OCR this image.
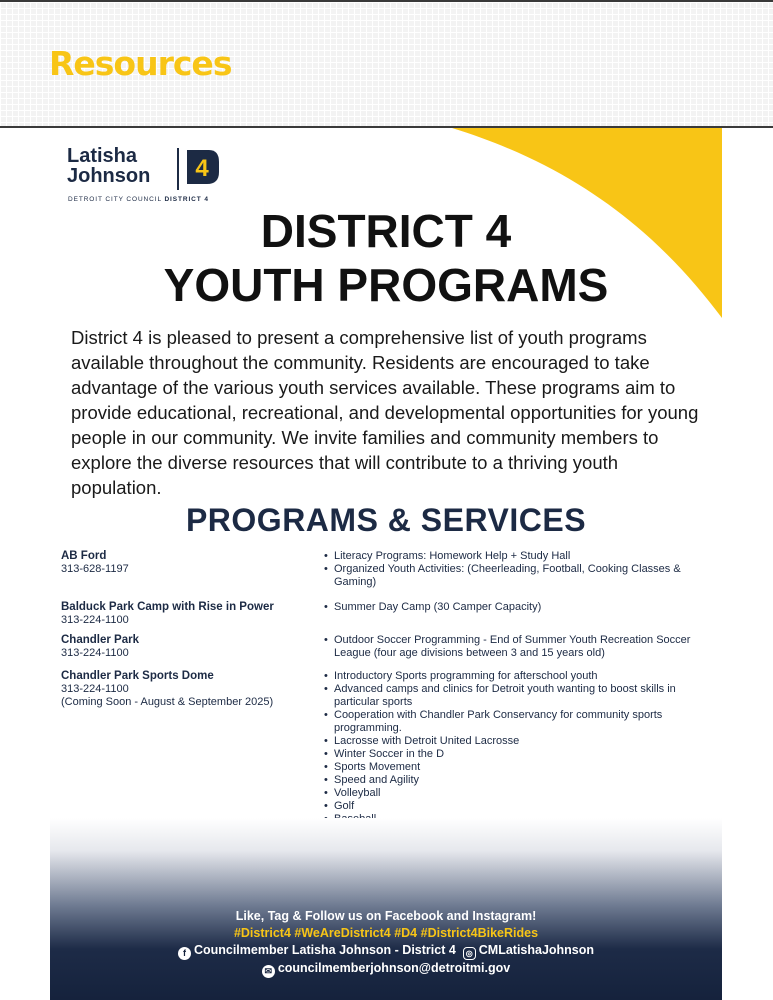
Resources
Latisha
Johnson	4
DETROIT CITY COUNCIL DISTRICT 4
DISTRICT 4
YOUTH PROGRAMS
District 4 is pleased to present a comprehensive list of youth programs available throughout the community. Residents are encouraged to take advantage of the various youth services available. These programs aim to provide educational, recreational, and developmental opportunities for young people in our community. We invite families and community members to explore the diverse resources that will contribute to a thriving youth population.
PROGRAMS & SERVICES
AB Ford
313-628-1197
• Literacy Programs: Homework Help + Study Hall
• Organized Youth Activities: (Cheerleading, Football, Cooking Classes & Gaming)
Balduck Park Camp with Rise in Power
313-224-1100
• Summer Day Camp (30 Camper Capacity)
Chandler Park
313-224-1100
• Outdoor Soccer Programming - End of Summer Youth Recreation Soccer League (four age divisions between 3 and 15 years old)
Chandler Park Sports Dome
313-224-1100
(Coming Soon - August & September 2025)
• Introductory Sports programming for afterschool youth
• Advanced camps and clinics for Detroit youth wanting to boost skills in particular sports
• Cooperation with Chandler Park Conservancy for community sports programming.
• Lacrosse with Detroit United Lacrosse
• Winter Soccer in the D
• Sports Movement
• Speed and Agility
• Volleyball
• Golf
•
•
Like, Tag & Follow us on Facebook and Instagram!
#District4 #WeAreDistrict4 #D4 #District4BikeRides
f Councilmember Latisha Johnson - District 4 ◎ CMLatishaJohnson
✉ councilmemberjohnson@detroitmi.gov
